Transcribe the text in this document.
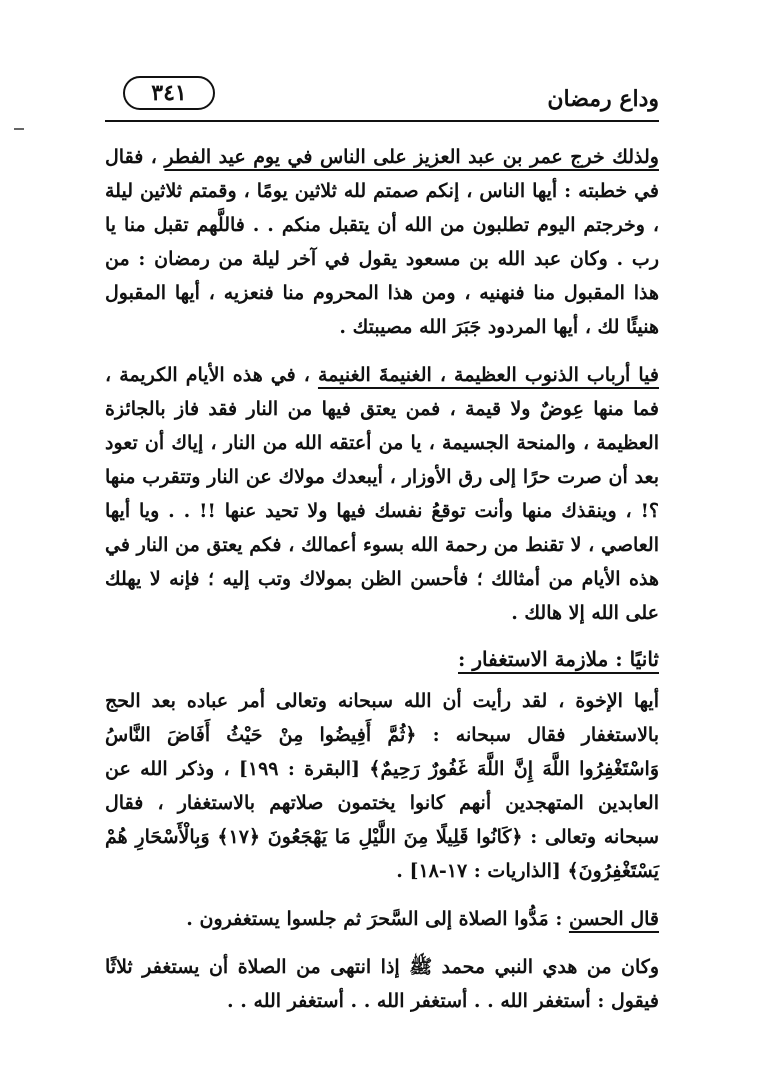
٣٤١	وداع رمضان

ولذلك خرج عمر بن عبد العزيز على الناس في يوم عيد الفطر ، فقال في خطبته : أيها الناس ، إنكم صمتم لله ثلاثين يومًا ، وقمتم ثلاثين ليلة ، وخرجتم اليوم تطلبون من الله أن يتقبل منكم . . فاللَّهم تقبل منا يا رب . وكان عبد الله بن مسعود يقول في آخر ليلة من رمضان : من هذا المقبول منا فنهنيه ، ومن هذا المحروم منا فنعزيه ، أيها المقبول هنيئًا لك ، أيها المردود جَبَرَ الله مصيبتك .

فيا أرباب الذنوب العظيمة ، الغنيمةَ الغنيمة ، في هذه الأيام الكريمة ، فما منها عِوضٌ ولا قيمة ، فمن يعتق فيها من النار فقد فاز بالجائزة العظيمة ، والمنحة الجسيمة ، يا من أعتقه الله من النار ، إياك أن تعود بعد أن صرت حرًا إلى رق الأوزار ، أيبعدك مولاك عن النار وتتقرب منها ؟! ، وينقذك منها وأنت توقعُ نفسك فيها ولا تحيد عنها !! . . ويا أيها العاصي ، لا تقنط من رحمة الله بسوء أعمالك ، فكم يعتق من النار في هذه الأيام من أمثالك ؛ فأحسن الظن بمولاك وتب إليه ؛ فإنه لا يهلك على الله إلا هالك .

ثانيًا : ملازمة الاستغفار :

أيها الإخوة ، لقد رأيت أن الله سبحانه وتعالى أمر عباده بعد الحج بالاستغفار فقال سبحانه : ﴿ثُمَّ أَفِيضُوا مِنْ حَيْثُ أَفَاضَ النَّاسُ وَاسْتَغْفِرُوا اللَّهَ إِنَّ اللَّهَ غَفُورٌ رَحِيمٌ﴾ [البقرة : ١٩٩] ، وذكر الله عن العابدين المتهجدين أنهم كانوا يختمون صلاتهم بالاستغفار ، فقال سبحانه وتعالى : ﴿كَانُوا قَلِيلًا مِنَ اللَّيْلِ مَا يَهْجَعُونَ ﴿١٧﴾ وَبِالْأَسْحَارِ هُمْ يَسْتَغْفِرُونَ﴾ [الذاريات : ١٧-١٨] .

قال الحسن : مَدُّوا الصلاة إلى السَّحرَ ثم جلسوا يستغفرون .

وكان من هدي النبي محمد ﷺ إذا انتهى من الصلاة أن يستغفر ثلاثًا فيقول : أستغفر الله . . أستغفر الله . . أستغفر الله . .
